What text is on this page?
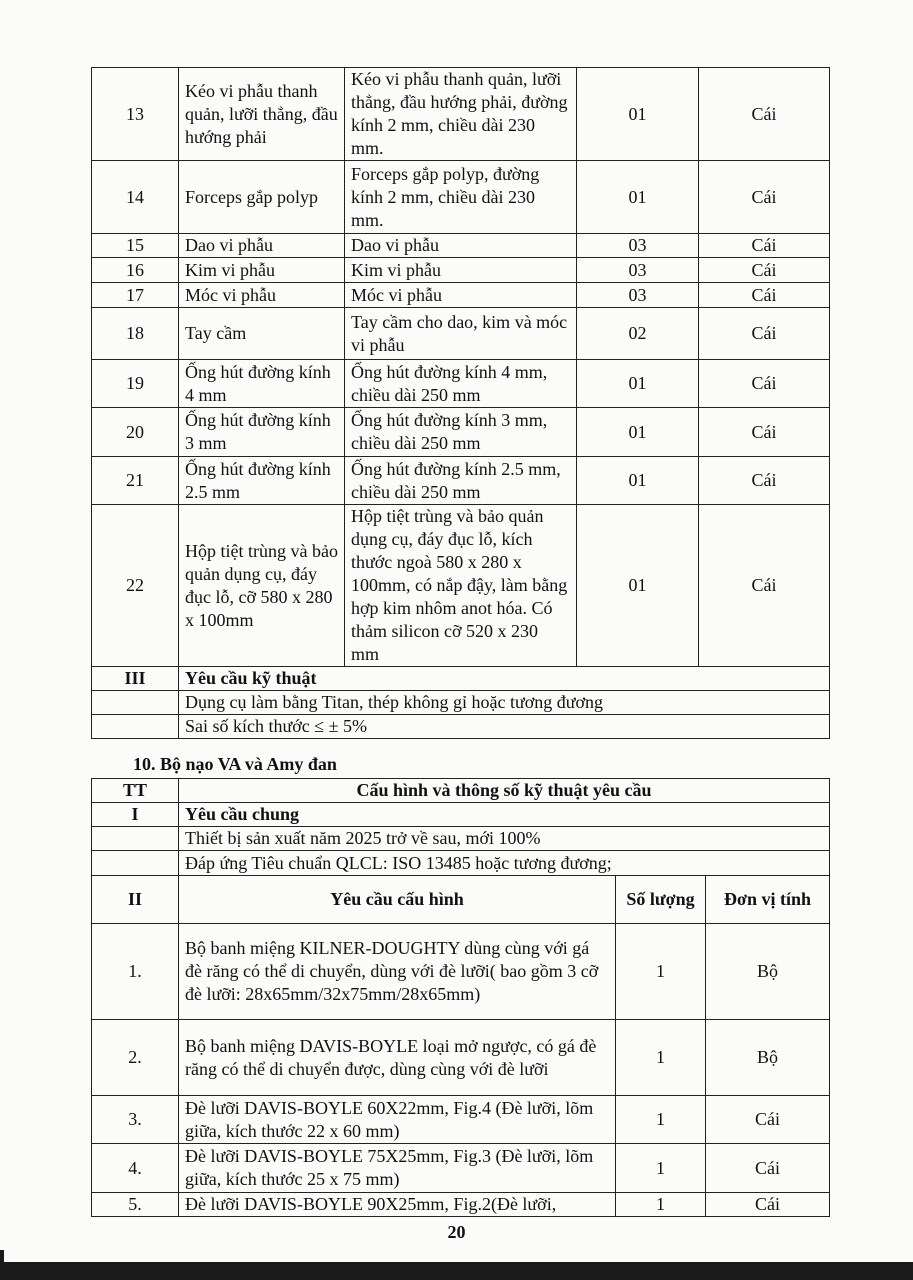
13	Kéo vi phẫu thanh quản, lưỡi thẳng, đầu hướng phải	Kéo vi phẫu thanh quản, lưỡi thẳng, đầu hướng phải, đường kính 2 mm, chiều dài 230 mm.	01	Cái
14	Forceps gắp polyp	Forceps gắp polyp, đường kính 2 mm, chiều dài 230 mm.	01	Cái
15	Dao vi phẫu	Dao vi phẫu	03	Cái
16	Kim vi phẫu	Kim vi phẫu	03	Cái
17	Móc vi phẫu	Móc vi phẫu	03	Cái
18	Tay cầm	Tay cầm cho dao, kim và móc vi phẫu	02	Cái
19	Ống hút đường kính 4 mm	Ống hút đường kính 4 mm, chiều dài 250 mm	01	Cái
20	Ống hút đường kính 3 mm	Ống hút đường kính 3 mm, chiều dài 250 mm	01	Cái
21	Ống hút đường kính 2.5 mm	Ống hút đường kính 2.5 mm, chiều dài 250 mm	01	Cái
22	Hộp tiệt trùng và bảo quản dụng cụ, đáy đục lỗ, cỡ 580 x 280 x 100mm	Hộp tiệt trùng và bảo quản dụng cụ, đáy đục lỗ, kích thước ngoà 580 x 280 x 100mm, có nắp đậy, làm bằng hợp kim nhôm anot hóa. Có thảm silicon cỡ 520 x 230 mm	01	Cái
III	Yêu cầu kỹ thuật			
	Dụng cụ làm bằng Titan, thép không gỉ hoặc tương đương			
	Sai số kích thước ≤ ± 5%			
10. Bộ nạo VA và Amy đan
TT	Cấu hình và thông số kỹ thuật yêu cầu		
I	Yêu cầu chung		
	Thiết bị sản xuất năm 2025 trở về sau, mới 100%		
	Đáp ứng Tiêu chuẩn QLCL: ISO 13485 hoặc tương đương;		
II	Yêu cầu cấu hình	Số lượng	Đơn vị tính
1.	Bộ banh miệng KILNER-DOUGHTY dùng cùng với gá đè răng có thể di chuyển, dùng với đè lưỡi( bao gồm 3 cỡ đè lưỡi: 28x65mm/32x75mm/28x65mm)	1	Bộ
2.	Bộ banh miệng DAVIS-BOYLE loại mở ngược, có gá đè răng có thể di chuyển được, dùng cùng với đè lưỡi	1	Bộ
3.	Đè lưỡi DAVIS-BOYLE 60X22mm, Fig.4 (Đè lưỡi, lõm giữa, kích thước 22 x 60 mm)	1	Cái
4.	Đè lưỡi DAVIS-BOYLE 75X25mm, Fig.3 (Đè lưỡi, lõm giữa, kích thước 25 x 75 mm)	1	Cái
5.	Đè lưỡi DAVIS-BOYLE 90X25mm, Fig.2(Đè lưỡi,	1	Cái
20
